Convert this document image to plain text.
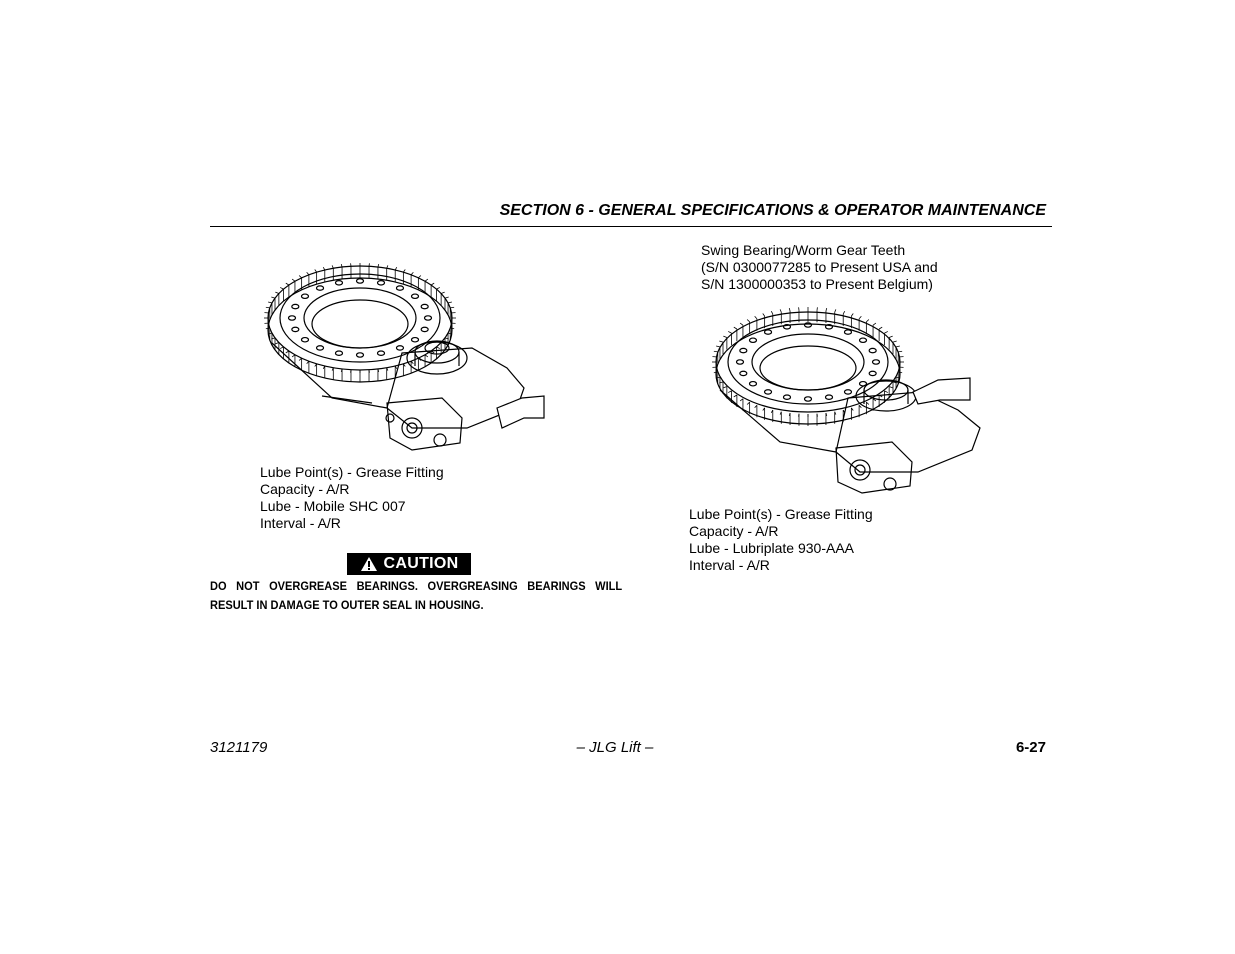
SECTION 6 - GENERAL SPECIFICATIONS & OPERATOR MAINTENANCE
Lube Point(s) - Grease Fitting
Capacity - A/R
Lube - Mobile SHC 007
Interval - A/R
CAUTION
DO NOT OVERGREASE BEARINGS. OVERGREASING BEARINGS WILL RESULT IN DAMAGE TO OUTER SEAL IN HOUSING.
Swing Bearing/Worm Gear Teeth
(S/N 0300077285 to Present USA and
S/N 1300000353 to Present Belgium)
Lube Point(s) - Grease Fitting
Capacity - A/R
Lube - Lubriplate 930-AAA
Interval - A/R
3121179	– JLG Lift –	6-27
